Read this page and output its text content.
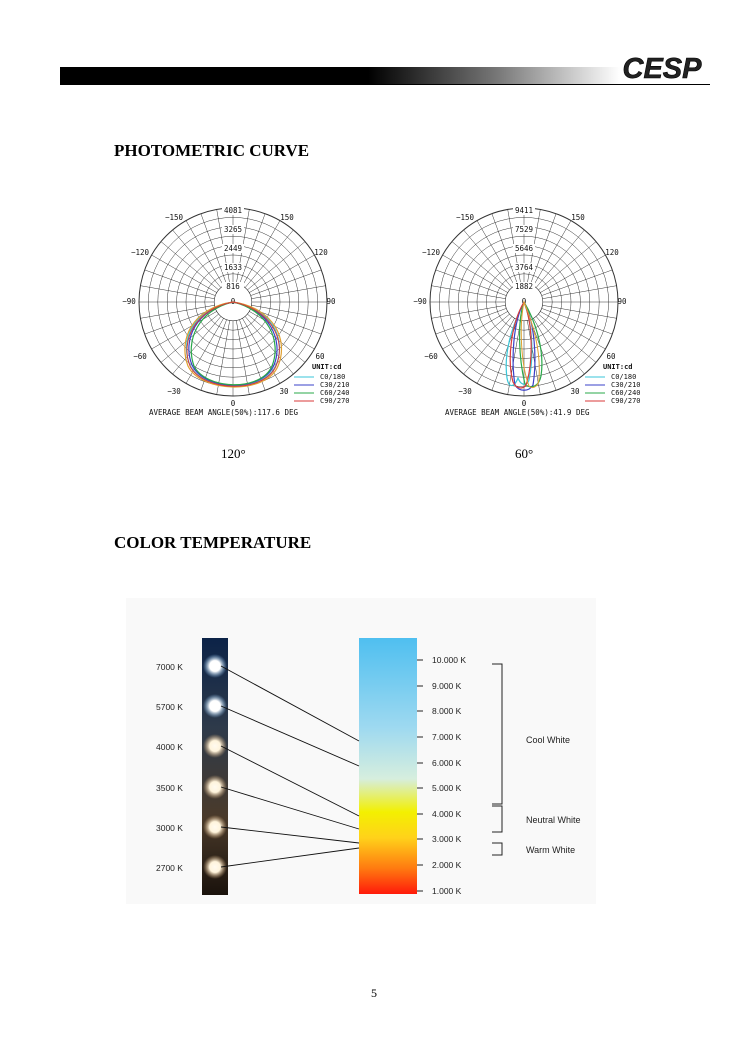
CESP
PHOTOMETRIC CURVE
COLOR TEMPERATURE
4081
3265
2449
1633
816
−150	150
−120	120
−90	90
−60	60
−30	30
0
0
UNIT:cd
C0/180
C30/210
C60/240
C90/270
AVERAGE BEAM ANGLE(50%):117.6 DEG
9411
7529
5646
3764
1882
−150	150
−120	120
−90	90
−60	60
−30	30
0
0
UNIT:cd
C0/180
C30/210
C60/240
C90/270
AVERAGE BEAM ANGLE(50%):41.9 DEG
120°	60°
7000 K
5700 K
4000 K
3500 K
3000 K
2700 K
10.000 K
9.000 K
8.000 K
7.000 K
6.000 K
5.000 K
4.000 K
3.000 K
2.000 K
1.000 K
Cool White
Neutral White
Warm White
5
